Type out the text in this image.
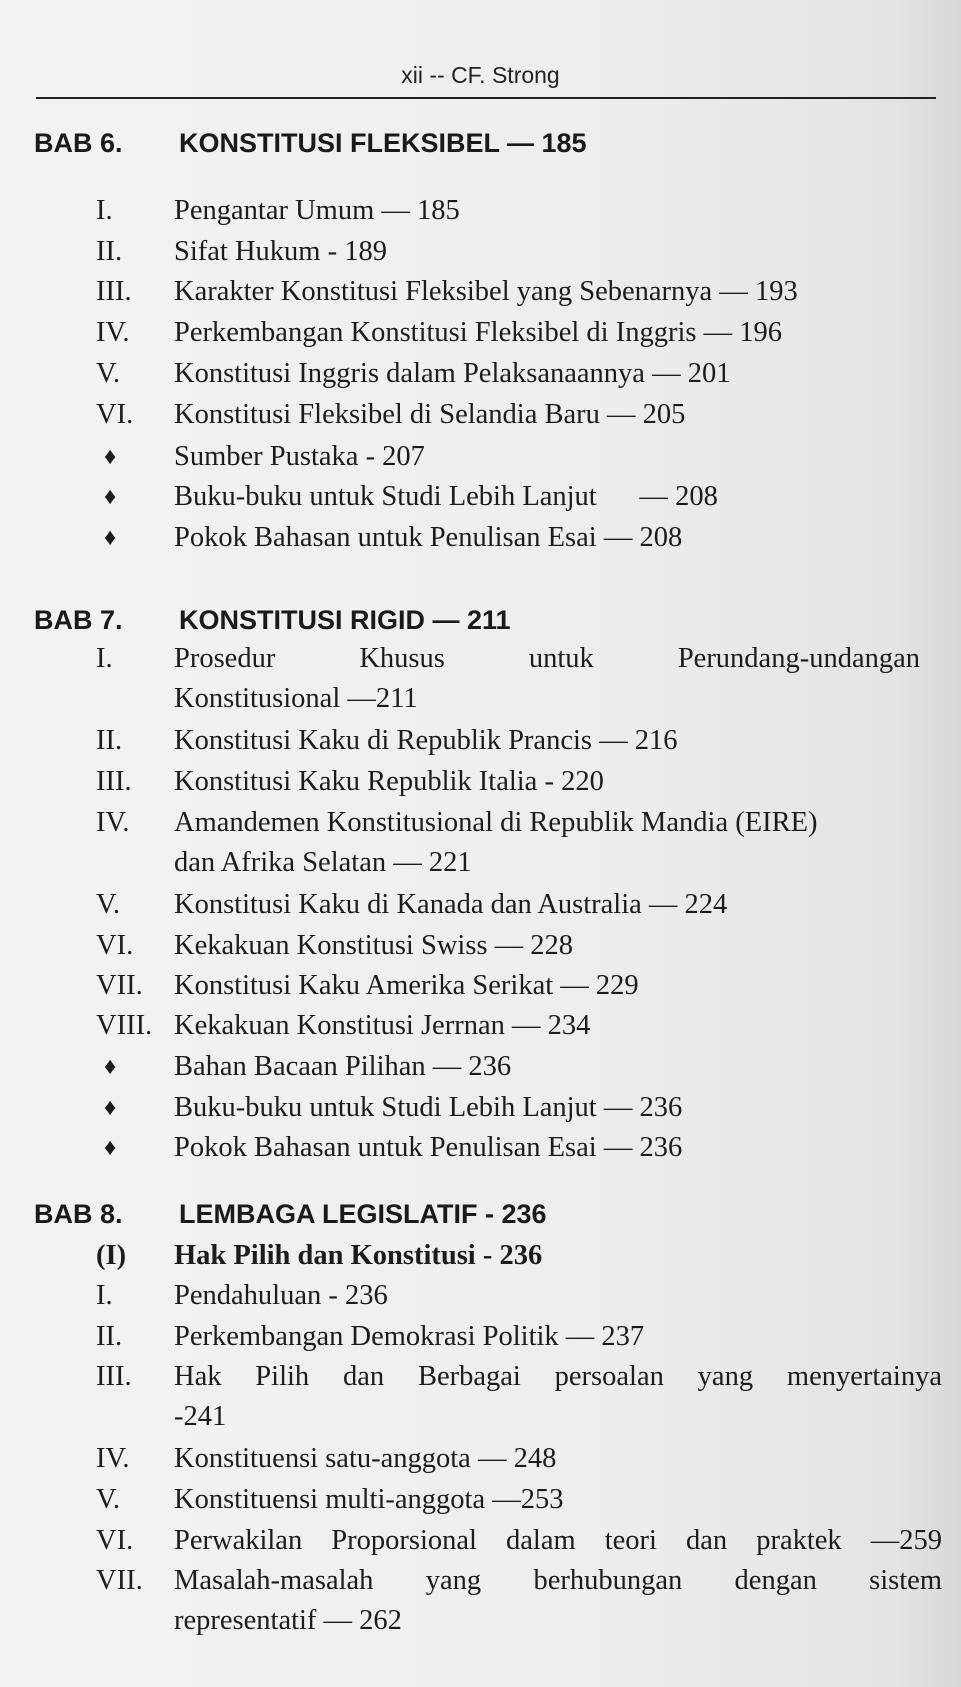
xii -- CF. Strong
BAB 6. KONSTITUSI FLEKSIBEL — 185
I. Pengantar Umum — 185
II. Sifat Hukum - 189
III. Karakter Konstitusi Fleksibel yang Sebenarnya — 193
IV. Perkembangan Konstitusi Fleksibel di Inggris — 196
V. Konstitusi Inggris dalam Pelaksanaannya — 201
VI. Konstitusi Fleksibel di Selandia Baru — 205
♦ Sumber Pustaka - 207
♦ Buku-buku untuk Studi Lebih Lanjut      — 208
♦ Pokok Bahasan untuk Penulisan Esai — 208
BAB 7. KONSTITUSI RIGID — 211
I. Prosedur Khusus untuk Perundang-undangan
Konstitusional —211
II. Konstitusi Kaku di Republik Prancis — 216
III. Konstitusi Kaku Republik Italia - 220
IV. Amandemen Konstitusional di Republik Mandia (EIRE)
dan Afrika Selatan — 221
V. Konstitusi Kaku di Kanada dan Australia — 224
VI. Kekakuan Konstitusi Swiss — 228
VII. Konstitusi Kaku Amerika Serikat — 229
VIII. Kekakuan Konstitusi Jerrnan — 234
♦ Bahan Bacaan Pilihan — 236
♦ Buku-buku untuk Studi Lebih Lanjut — 236
♦ Pokok Bahasan untuk Penulisan Esai — 236
BAB 8. LEMBAGA LEGISLATIF - 236
(I) Hak Pilih dan Konstitusi - 236
I. Pendahuluan - 236
II. Perkembangan Demokrasi Politik — 237
III. Hak Pilih dan Berbagai persoalan yang menyertainya
-241
IV. Konstituensi satu-anggota — 248
V. Konstituensi multi-anggota —253
VI. Perwakilan Proporsional dalam teori dan praktek —259
VII. Masalah-masalah yang berhubungan dengan sistem
representatif — 262
